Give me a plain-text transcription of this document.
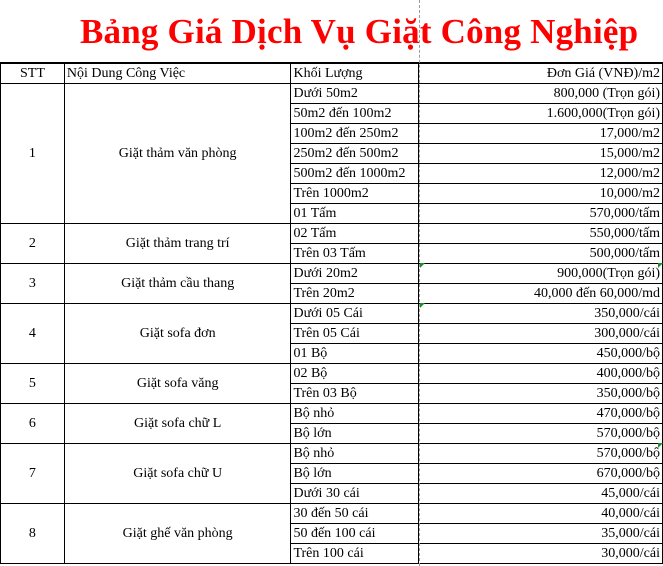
Bảng Giá Dịch Vụ Giặt Công Nghiệp
STT	Nội Dung Công Việc	Khối Lượng	Đơn Giá (VNĐ)/m2
1	Giặt thảm văn phòng	Dưới 50m2	800,000 (Trọn gói)
		50m2 đến 100m2	1.600,000(Trọn gói)
		100m2 đến 250m2	17,000/m2
		250m2 đến 500m2	15,000/m2
		500m2 đến 1000m2	12,000/m2
		Trên 1000m2	10,000/m2
		01 Tấm	570,000/tấm
2	Giặt thảm trang trí	02 Tấm	550,000/tấm
		Trên 03 Tấm	500,000/tấm
3	Giặt thảm cầu thang	Dưới 20m2	900,000(Trọn gói)
		Trên 20m2	40,000 đến 60,000/md
4	Giặt sofa đơn	Dưới 05 Cái	350,000/cái
		Trên 05 Cái	300,000/cái
		01 Bộ	450,000/bộ
5	Giặt sofa văng	02 Bộ	400,000/bộ
		Trên 03 Bộ	350,000/bộ
6	Giặt sofa chữ L	Bộ nhỏ	470,000/bộ
		Bộ lớn	570,000/bộ
7	Giặt sofa chữ U	Bộ nhỏ	570,000/bộ
		Bộ lớn	670,000/bộ
		Dưới 30 cái	45,000/cái
8	Giặt ghế văn phòng	30 đến 50 cái	40,000/cái
		50 đến 100 cái	35,000/cái
		Trên 100 cái	30,000/cái
